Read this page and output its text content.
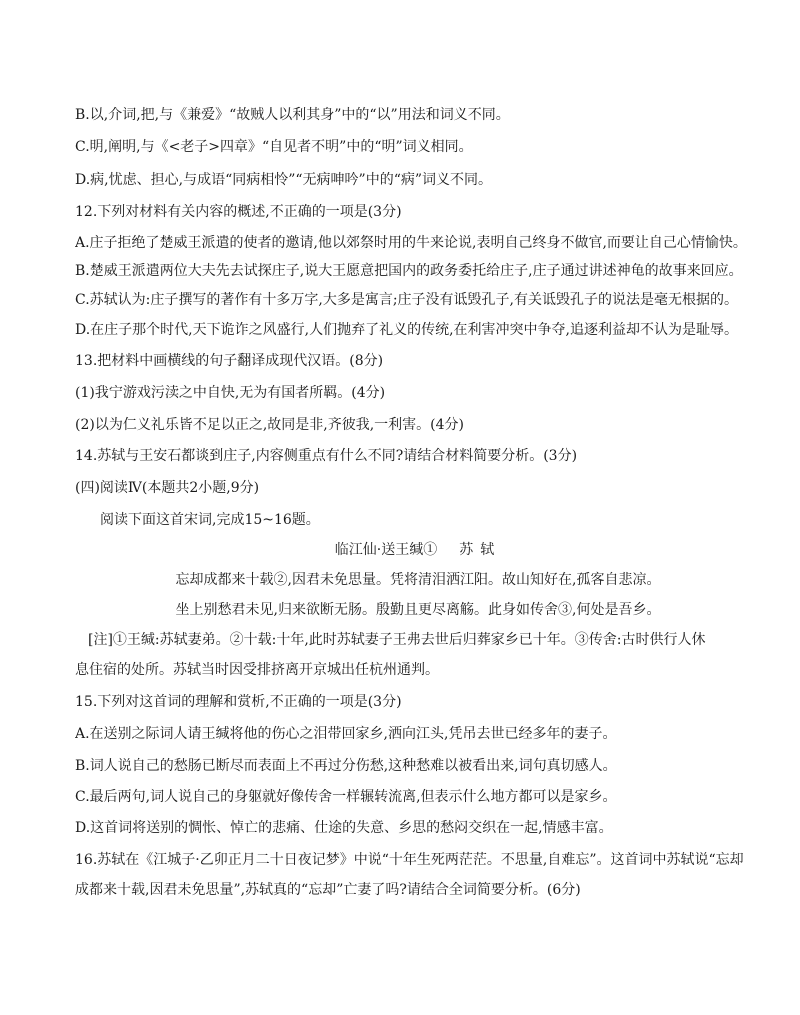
B.以,介词,把,与《兼爱》“故贼人以利其身”中的“以”用法和词义不同。
C.明,阐明,与《<老子>四章》“自见者不明”中的“明”词义相同。
D.病,忧虑、担心,与成语“同病相怜”“无病呻吟”中的“病”词义不同。
12.下列对材料有关内容的概述,不正确的一项是(3分)
A.庄子拒绝了楚威王派遣的使者的邀请,他以郊祭时用的牛来论说,表明自己终身不做官,而要让自己心情愉快。
B.楚威王派遣两位大夫先去试探庄子,说大王愿意把国内的政务委托给庄子,庄子通过讲述神龟的故事来回应。
C.苏轼认为:庄子撰写的著作有十多万字,大多是寓言;庄子没有诋毁孔子,有关诋毁孔子的说法是毫无根据的。
D.在庄子那个时代,天下诡诈之风盛行,人们抛弃了礼义的传统,在利害冲突中争夺,追逐利益却不认为是耻辱。
13.把材料中画横线的句子翻译成现代汉语。(8分)
(1)我宁游戏污渎之中自快,无为有国者所羁。(4分)
(2)以为仁义礼乐皆不足以正之,故同是非,齐彼我,一利害。(4分)
14.苏轼与王安石都谈到庄子,内容侧重点有什么不同?请结合材料简要分析。(3分)
(四)阅读Ⅳ(本题共2小题,9分)
阅读下面这首宋词,完成15~16题。
临江仙·送王缄① 苏轼
忘却成都来十载②,因君未免思量。凭将清泪洒江阳。故山知好在,孤客自悲凉。
坐上别愁君未见,归来欲断无肠。殷勤且更尽离觞。此身如传舍③,何处是吾乡。
[注]①王缄:苏轼妻弟。②十载:十年,此时苏轼妻子王弗去世后归葬家乡已十年。③传舍:古时供行人休
息住宿的处所。苏轼当时因受排挤离开京城出任杭州通判。
15.下列对这首词的理解和赏析,不正确的一项是(3分)
A.在送别之际词人请王缄将他的伤心之泪带回家乡,洒向江头,凭吊去世已经多年的妻子。
B.词人说自己的愁肠已断尽而表面上不再过分伤愁,这种愁难以被看出来,词句真切感人。
C.最后两句,词人说自己的身躯就好像传舍一样辗转流离,但表示什么地方都可以是家乡。
D.这首词将送别的惆怅、悼亡的悲痛、仕途的失意、乡思的愁闷交织在一起,情感丰富。
16.苏轼在《江城子·乙卯正月二十日夜记梦》中说“十年生死两茫茫。不思量,自难忘”。这首词中苏轼说“忘却
成都来十载,因君未免思量”,苏轼真的“忘却”亡妻了吗?请结合全词简要分析。(6分)
